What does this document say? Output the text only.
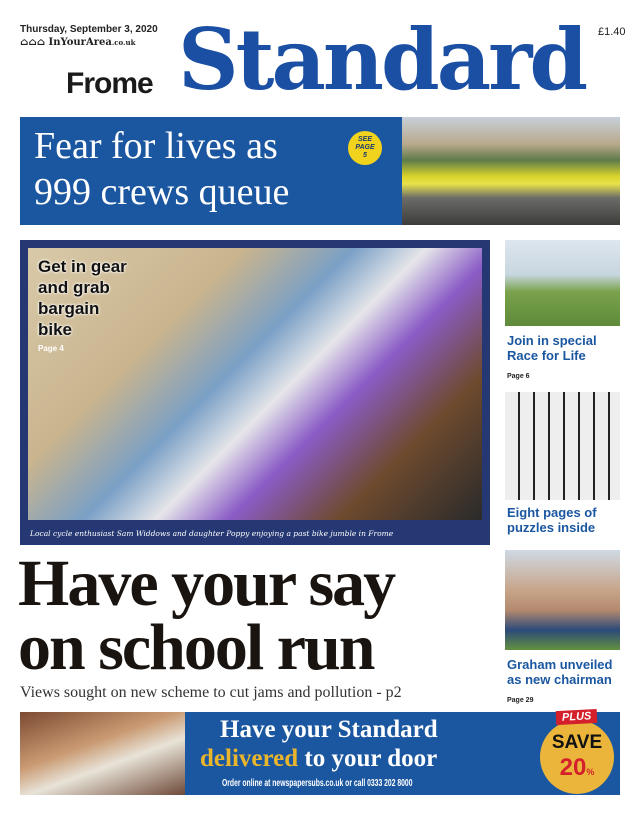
Thursday, September 3, 2020
⌂⌂⌂ InYourArea.co.uk
£1.40
Frome Standard
Fear for lives as
999 crews queue
SEE
PAGE
5
Get in gear
and grab
bargain
bike
Page 4
Local cycle enthusiast Sam Widdows and daughter Poppy enjoying a past bike jumble in Frome
Join in special
Race for Life
Page 6
Eight pages of
puzzles inside
Graham unveiled
as new chairman
Page 29
Have your say
on school run
Views sought on new scheme to cut jams and pollution - p2
Have your Standard
delivered to your door
Order online at newspapersubs.co.uk or call 0333 202 8000
SAVE
20%
PLUS
